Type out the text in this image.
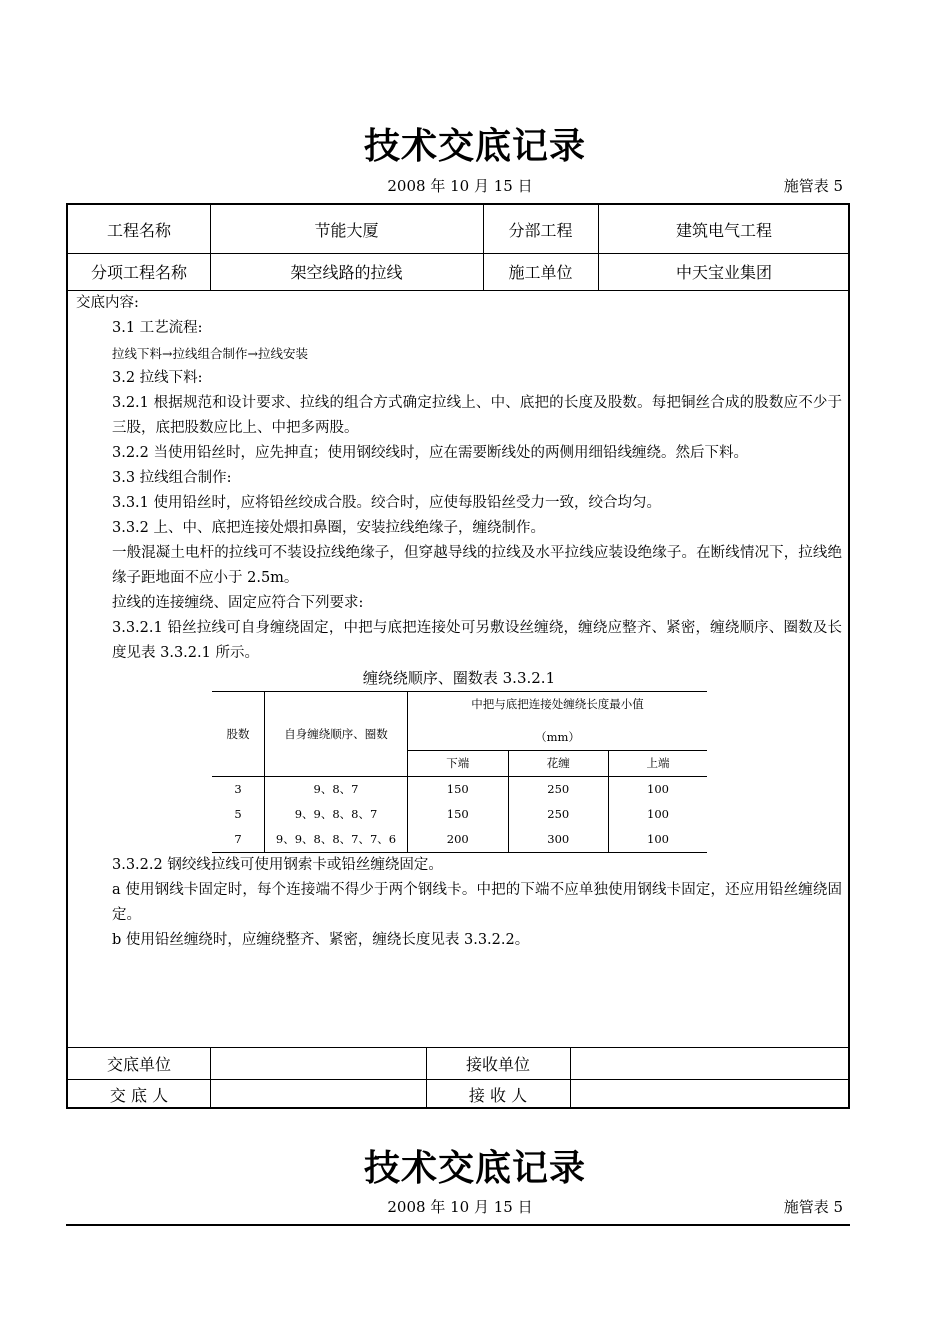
技术交底记录
2008 年 10 月 15 日	施管表 5
工程名称	节能大厦	分部工程	建筑电气工程
分项工程名称	架空线路的拉线	施工单位	中天宝业集团

交底内容:

3.1 工艺流程:

拉线下料→拉线组合制作→拉线安装

3.2 拉线下料:

3.2.1 根据规范和设计要求、拉线的组合方式确定拉线上、中、底把的长度及股数。每把铜丝合成的股数应不少于三股，底把股数应比上、中把多两股。

3.2.2 当使用铅丝时，应先抻直；使用钢绞线时，应在需要断线处的两侧用细铅线缠绕。然后下料。

3.3 拉线组合制作:

3.3.1 使用铅丝时，应将铅丝绞成合股。绞合时，应使每股铅丝受力一致，绞合均匀。

3.3.2 上、中、底把连接处煨扣鼻圈，安装拉线绝缘子，缠绕制作。

一般混凝土电杆的拉线可不装设拉线绝缘子，但穿越导线的拉线及水平拉线应装设绝缘子。在断线情况下，拉线绝缘子距地面不应小于 2.5m。

拉线的连接缠绕、固定应符合下列要求:

3.3.2.1 铅丝拉线可自身缠绕固定，中把与底把连接处可另敷设丝缠绕，缠绕应整齐、紧密，缠绕顺序、圈数及长度见表 3.3.2.1 所示。

缠绕绕顺序、圈数表 3.3.2.1

股数	自身缠绕顺序、圈数	中把与底把连接处缠绕长度最小值
（mm）		

		下端	花缠	上端
3	9、8、7	150	250	100
5	9、9、8、8、7	150	250	100
7	9、9、8、8、7、7、6	200	300	100

3.3.2.2 钢绞线拉线可使用钢索卡或铅丝缠绕固定。

a 使用钢线卡固定时，每个连接端不得少于两个钢线卡。中把的下端不应单独使用钢线卡固定，还应用铅丝缠绕固定。

b 使用铅丝缠绕时，应缠绕整齐、紧密，缠绕长度见表 3.3.2.2。

交底单位	接收单位
交 底 人	接 收 人
技术交底记录
2008 年 10 月 15 日	施管表 5
